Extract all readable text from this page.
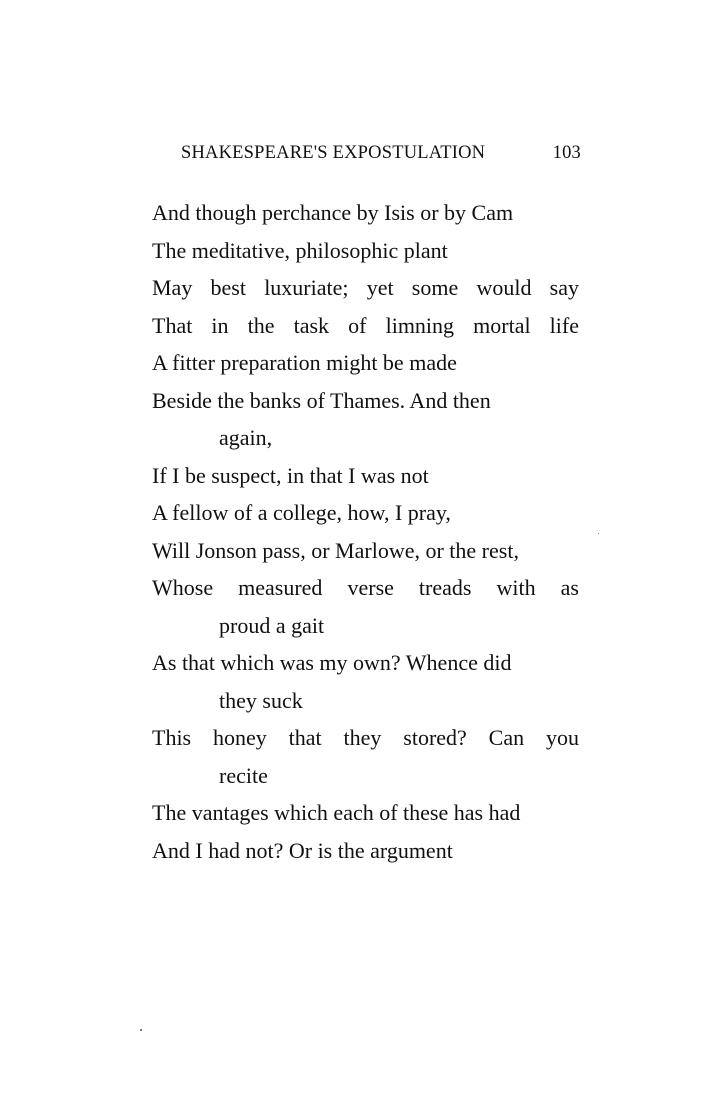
SHAKESPEARE'S EXPOSTULATION	103
And though perchance by Isis or by Cam
The meditative, philosophic plant
May best luxuriate; yet some would say
That in the task of limning mortal life
A fitter preparation might be made
Beside the banks of Thames. And then
again,
If I be suspect, in that I was not
A fellow of a college, how, I pray,
Will Jonson pass, or Marlowe, or the rest,
Whose measured verse treads with as
proud a gait
As that which was my own? Whence did
they suck
This honey that they stored? Can you
recite
The vantages which each of these has had
And I had not? Or is the argument
